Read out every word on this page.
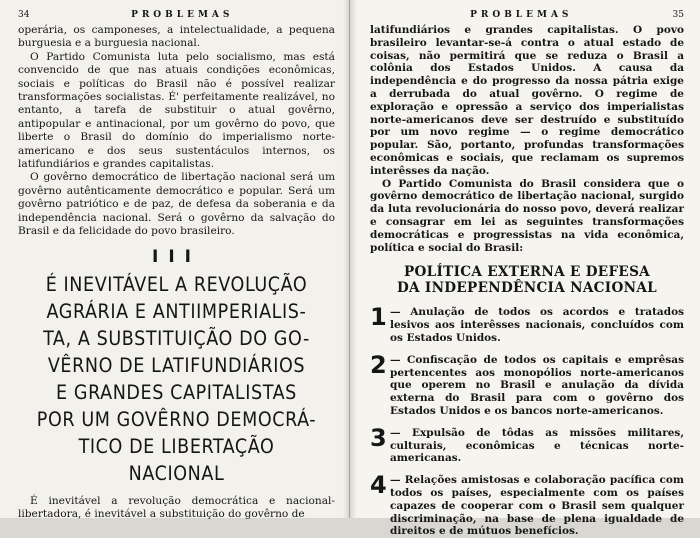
34	PROBLEMAS

operária, os camponeses, a intelectualidade, a pequena burguesia e a burguesia nacional.

O Partido Comunista luta pelo socialismo, mas está convencido de que nas atuais condições econômicas, sociais e políticas do Brasil não é possível realizar transformações socialistas. É' perfeitamente realizável, no entanto, a tarefa de substituir o atual govêrno, antipopular e antinacional, por um govêrno do povo, que liberte o Brasil do domínio do imperialismo norte-americano e dos seus sustentáculos internos, os latifundiários e grandes capitalistas.

O govêrno democrático de libertação nacional será um govêrno autênticamente democrático e popular. Será um govêrno patriótico e de paz, de defesa da soberania e da independência nacional. Será o govêrno da salvação do Brasil e da felicidade do povo brasileiro.

III
É INEVITÁVEL A REVOLUÇÃO
AGRÁRIA E ANTIIMPERIALIS-
TA, A SUBSTITUIÇÃO DO GO-
VÊRNO DE LATIFUNDIÁRIOS
E GRANDES CAPITALISTAS
POR UM GOVÊRNO DEMOCRÁ-
TICO DE LIBERTAÇÃO
NACIONAL

É inevitável a revolução democrática e nacional-libertadora, é inevitável a substituição do govêrno de

PROBLEMAS	35

latifundiários e grandes capitalistas. O povo brasileiro levantar-se-á contra o atual estado de coisas, não permitirá que se reduza o Brasil a colônia dos Estados Unidos. A causa da independência e do progresso da nossa pátria exige a derrubada do atual govêrno. O regime de exploração e opressão a serviço dos imperialistas norte-americanos deve ser destruído e substituído por um novo regime — o regime democrático popular. São, portanto, profundas transformações econômicas e sociais, que reclamam os supremos interêsses da nação.

O Partido Comunista do Brasil considera que o govêrno democrático de libertação nacional, surgido da luta revolucionária do nosso povo, deverá realizar e consagrar em lei as seguintes transformações democráticas e progressistas na vida econômica, política e social do Brasil:

POLÍTICA EXTERNA E DEFESA
DA INDEPENDÊNCIA NACIONAL
1 — Anulação de todos os acordos e tratados lesivos aos interêsses nacionais, concluídos com os Estados Unidos.

2 — Confiscação de todos os capitais e emprêsas pertencentes aos monopólios norte-americanos que operem no Brasil e anulação da dívida externa do Brasil para com o govêrno dos Estados Unidos e os bancos norte-americanos.

3 — Expulsão de tôdas as missões militares, culturais, econômicas e técnicas norte-americanas.

4 — Relações amistosas e colaboração pacífica com todos os países, especialmente com os países capazes de cooperar com o Brasil sem qualquer discriminação, na base de plena igualdade de direitos e de mútuos benefícios.
